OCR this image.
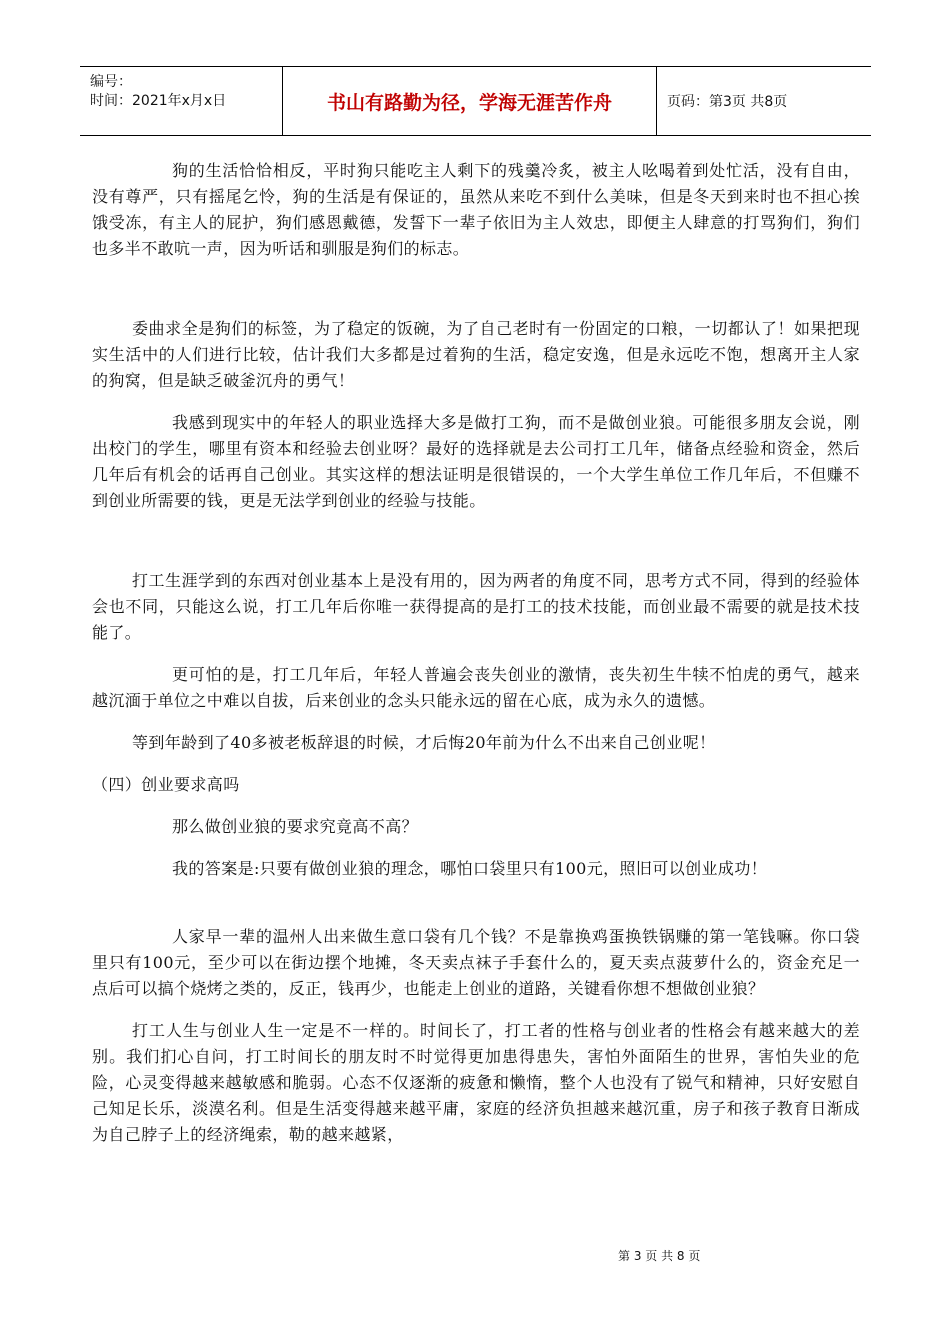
编号：
时间：2021年x月x日	书山有路勤为径，学海无涯苦作舟	页码：第3页 共8页

狗的生活恰恰相反，平时狗只能吃主人剩下的残羹冷炙，被主人吆喝着到处忙活，没有自由，没有尊严，只有摇尾乞怜，狗的生活是有保证的，虽然从来吃不到什么美味，但是冬天到来时也不担心挨饿受冻，有主人的屁护，狗们感恩戴德，发誓下一辈子依旧为主人效忠，即便主人肆意的打骂狗们，狗们也多半不敢吭一声，因为听话和驯服是狗们的标志。

委曲求全是狗们的标签，为了稳定的饭碗，为了自己老时有一份固定的口粮，一切都认了！如果把现实生活中的人们进行比较，估计我们大多都是过着狗的生活，稳定安逸，但是永远吃不饱，想离开主人家的狗窝，但是缺乏破釜沉舟的勇气！

我感到现实中的年轻人的职业选择大多是做打工狗，而不是做创业狼。可能很多朋友会说，刚出校门的学生，哪里有资本和经验去创业呀？最好的选择就是去公司打工几年，储备点经验和资金，然后几年后有机会的话再自己创业。其实这样的想法证明是很错误的，一个大学生单位工作几年后，不但赚不到创业所需要的钱，更是无法学到创业的经验与技能。

打工生涯学到的东西对创业基本上是没有用的，因为两者的角度不同，思考方式不同，得到的经验体会也不同，只能这么说，打工几年后你唯一获得提高的是打工的技术技能，而创业最不需要的就是技术技能了。

更可怕的是，打工几年后，年轻人普遍会丧失创业的激情，丧失初生牛犊不怕虎的勇气，越来越沉湎于单位之中难以自拔，后来创业的念头只能永远的留在心底，成为永久的遗憾。

等到年龄到了40多被老板辞退的时候，才后悔20年前为什么不出来自己创业呢！

（四）创业要求高吗

那么做创业狼的要求究竟高不高？

我的答案是:只要有做创业狼的理念，哪怕口袋里只有100元，照旧可以创业成功！

人家早一辈的温州人出来做生意口袋有几个钱？不是靠换鸡蛋换铁锅赚的第一笔钱嘛。你口袋里只有100元，至少可以在街边摆个地摊，冬天卖点袜子手套什么的，夏天卖点菠萝什么的，资金充足一点后可以搞个烧烤之类的，反正，钱再少，也能走上创业的道路，关键看你想不想做创业狼？

打工人生与创业人生一定是不一样的。时间长了，打工者的性格与创业者的性格会有越来越大的差别。我们扪心自问，打工时间长的朋友时不时觉得更加患得患失，害怕外面陌生的世界，害怕失业的危险，心灵变得越来越敏感和脆弱。心态不仅逐渐的疲惫和懒惰，整个人也没有了锐气和精神，只好安慰自己知足长乐，淡漠名利。但是生活变得越来越平庸，家庭的经济负担越来越沉重，房子和孩子教育日渐成为自己脖子上的经济绳索，勒的越来越紧，

第 3 页 共 8 页
